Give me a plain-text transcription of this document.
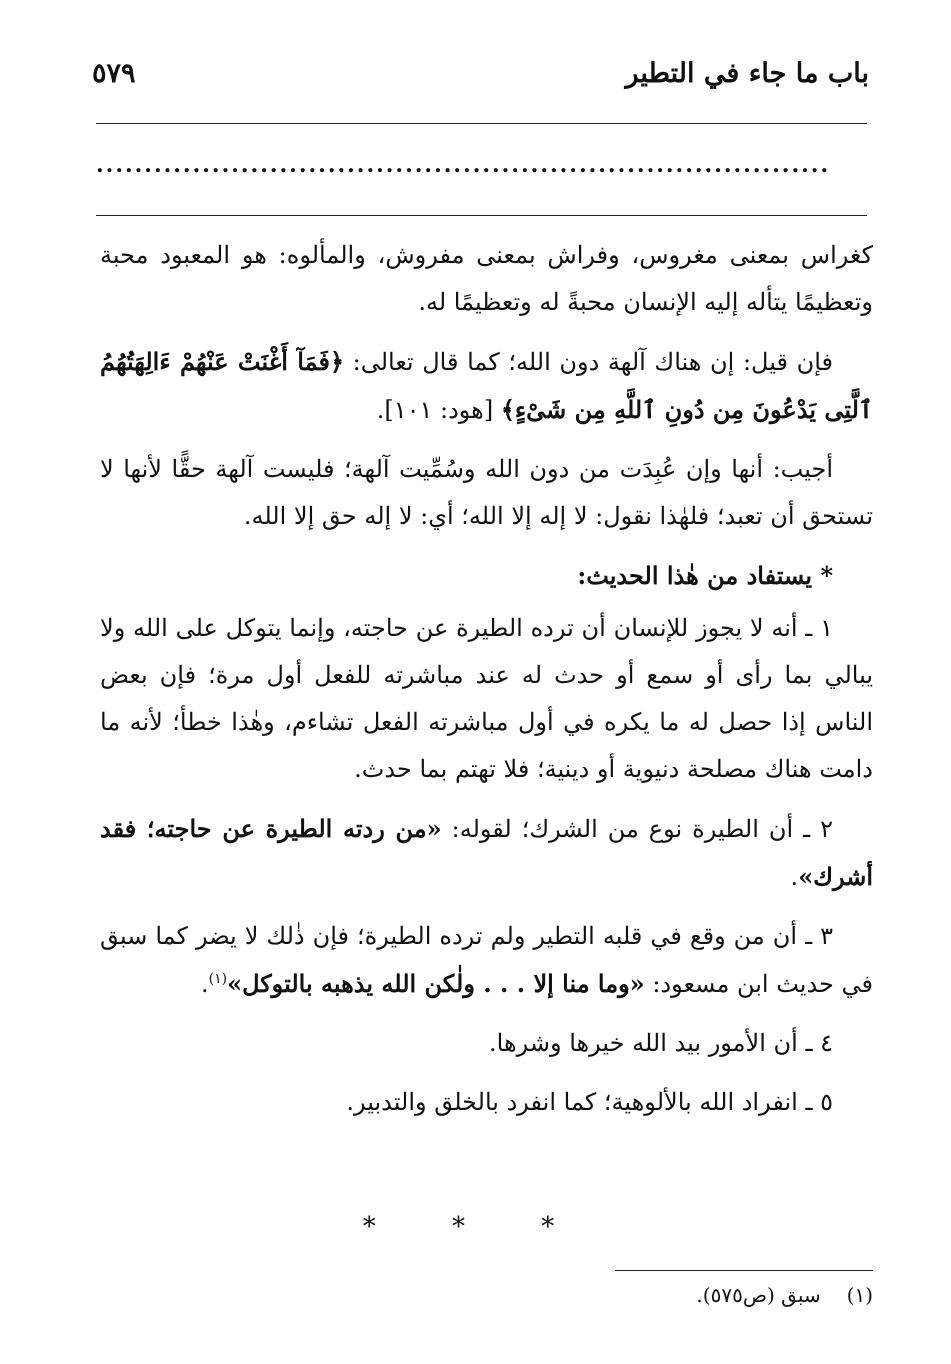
باب ما جاء في التطير
٥٧٩
............................................................................

كغراس بمعنى مغروس، وفراش بمعنى مفروش، والمألوه: هو المعبود محبة وتعظيمًا يتأله إليه الإنسان محبةً له وتعظيمًا له.

فإن قيل: إن هناك آلهة دون الله؛ كما قال تعالى: ﴿فَمَآ أَغْنَتْ عَنْهُمْ ءَالِهَتُهُمُ ٱلَّتِى يَدْعُونَ مِن دُونِ ٱللَّهِ مِن شَىْءٍ﴾ [هود: ١٠١].

أجيب: أنها وإن عُبِدَت من دون الله وسُمِّيت آلهة؛ فليست آلهة حقًّا لأنها لا تستحق أن تعبد؛ فلهٰذا نقول: لا إله إلا الله؛ أي: لا إله حق إلا الله.

* يستفاد من هٰذا الحديث:

١ ـ أنه لا يجوز للإنسان أن ترده الطيرة عن حاجته، وإنما يتوكل على الله ولا يبالي بما رأى أو سمع أو حدث له عند مباشرته للفعل أول مرة؛ فإن بعض الناس إذا حصل له ما يكره في أول مباشرته الفعل تشاءم، وهٰذا خطأ؛ لأنه ما دامت هناك مصلحة دنيوية أو دينية؛ فلا تهتم بما حدث.

٢ ـ أن الطيرة نوع من الشرك؛ لقوله: «من ردته الطيرة عن حاجته؛ فقد أشرك».

٣ ـ أن من وقع في قلبه التطير ولم ترده الطيرة؛ فإن ذٰلك لا يضر كما سبق في حديث ابن مسعود: «وما منا إلا . . . ولٰكن الله يذهبه بالتوكل»$^{(١)}$.

٤ ـ أن الأمور بيد الله خيرها وشرها.

٥ ـ انفراد الله بالألوهية؛ كما انفرد بالخلق والتدبير.

* * *
(١)سبق (ص٥٧٥).
